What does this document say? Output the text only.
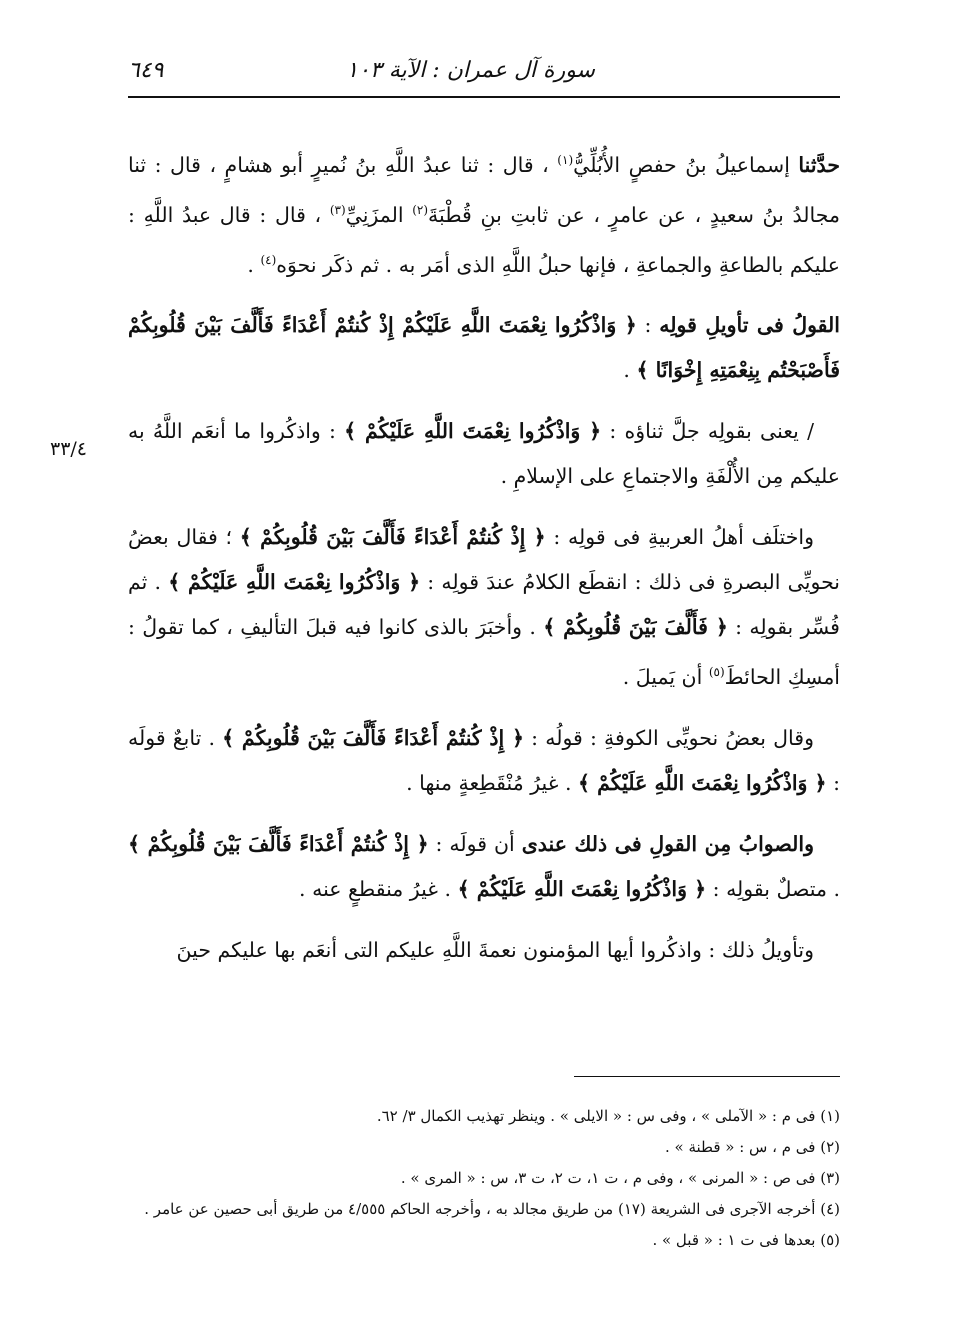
سورة آل عمران : الآية ١٠٣
٦٤٩
٣٣/٤

حدَّثنا إسماعيلُ بنُ حفصٍ الأُبُلِّيُّ$^{(١)}$ ، قال : ثنا عبدُ اللَّهِ بنُ نُميرٍ أبو هشامٍ ، قال : ثنا مجالدُ بنُ سعيدٍ ، عن عامرٍ ، عن ثابتِ بنِ قُطْبَةَ$^{(٢)}$ المزَنِيِّ$^{(٣)}$ ، قال : قال عبدُ اللَّهِ : عليكم بالطاعةِ والجماعةِ ، فإنها حبلُ اللَّهِ الذى أمَر به . ثم ذكَر نحوَه$^{(٤)}$ .

القولُ فى تأويلِ قولِه : ﴿ وَاذْكُرُوا نِعْمَتَ اللَّهِ عَلَيْكُمْ إِذْ كُنتُمْ أَعْدَاءً فَأَلَّفَ بَيْنَ قُلُوبِكُمْ فَأَصْبَحْتُم بِنِعْمَتِهِ إِخْوَانًا ﴾ .

/ يعنى بقولِه جلَّ ثناؤه : ﴿ وَاذْكُرُوا نِعْمَتَ اللَّهِ عَلَيْكُمْ ﴾ : واذكُروا ما أنعَم اللَّهُ به عليكم مِن الأُلْفَةِ والاجتماعِ على الإسلامِ .

واختلَف أهلُ العربيةِ فى قولِه : ﴿ إِذْ كُنتُمْ أَعْدَاءً فَأَلَّفَ بَيْنَ قُلُوبِكُمْ ﴾ ؛ فقال بعضُ نحويِّى البصرةِ فى ذلك : انقطَع الكلامُ عندَ قولِه : ﴿ وَاذْكُرُوا نِعْمَتَ اللَّهِ عَلَيْكُمْ ﴾ . ثم فُسِّر بقولِه : ﴿ فَأَلَّفَ بَيْنَ قُلُوبِكُمْ ﴾ . وأخبَرَ بالذى كانوا فيه قبلَ التأليفِ ، كما تقولُ : أمسِكِ الحائطَ$^{(٥)}$ أن يَميلَ .

وقال بعضُ نحويِّى الكوفةِ : قولُه : ﴿ إِذْ كُنتُمْ أَعْدَاءً فَأَلَّفَ بَيْنَ قُلُوبِكُمْ ﴾ . تابعٌ قولَه : ﴿ وَاذْكُرُوا نِعْمَتَ اللَّهِ عَلَيْكُمْ ﴾ . غيرُ مُنْقَطِعةٍ منها .

والصوابُ مِن القولِ فى ذلك عندى أن قولَه : ﴿ إِذْ كُنتُمْ أَعْدَاءً فَأَلَّفَ بَيْنَ قُلُوبِكُمْ ﴾ . متصلٌ بقولِه : ﴿ وَاذْكُرُوا نِعْمَتَ اللَّهِ عَلَيْكُمْ ﴾ . غيرُ منقطعٍ عنه .

وتأويلُ ذلك : واذكُروا أيها المؤمنون نعمةَ اللَّهِ عليكم التى أنعَم بها عليكم حينَ

(١) فى م : « الآملى » ، وفى س : « الايلى » . وينظر تهذيب الكمال ٣/ ٦٢.

(٢) فى م ، س : « قطنة » .

(٣) فى ص : « المرنى » ، وفى م ، ت ١، ت ٢، ت ٣، س : « المرى » .

(٤) أخرجه الآجرى فى الشريعة (١٧) من طريق مجالد به ، وأخرجه الحاكم ٤/٥٥٥ من طريق أبى حصين عن عامر .

(٥) بعدها فى ت ١ : « قبل » .
